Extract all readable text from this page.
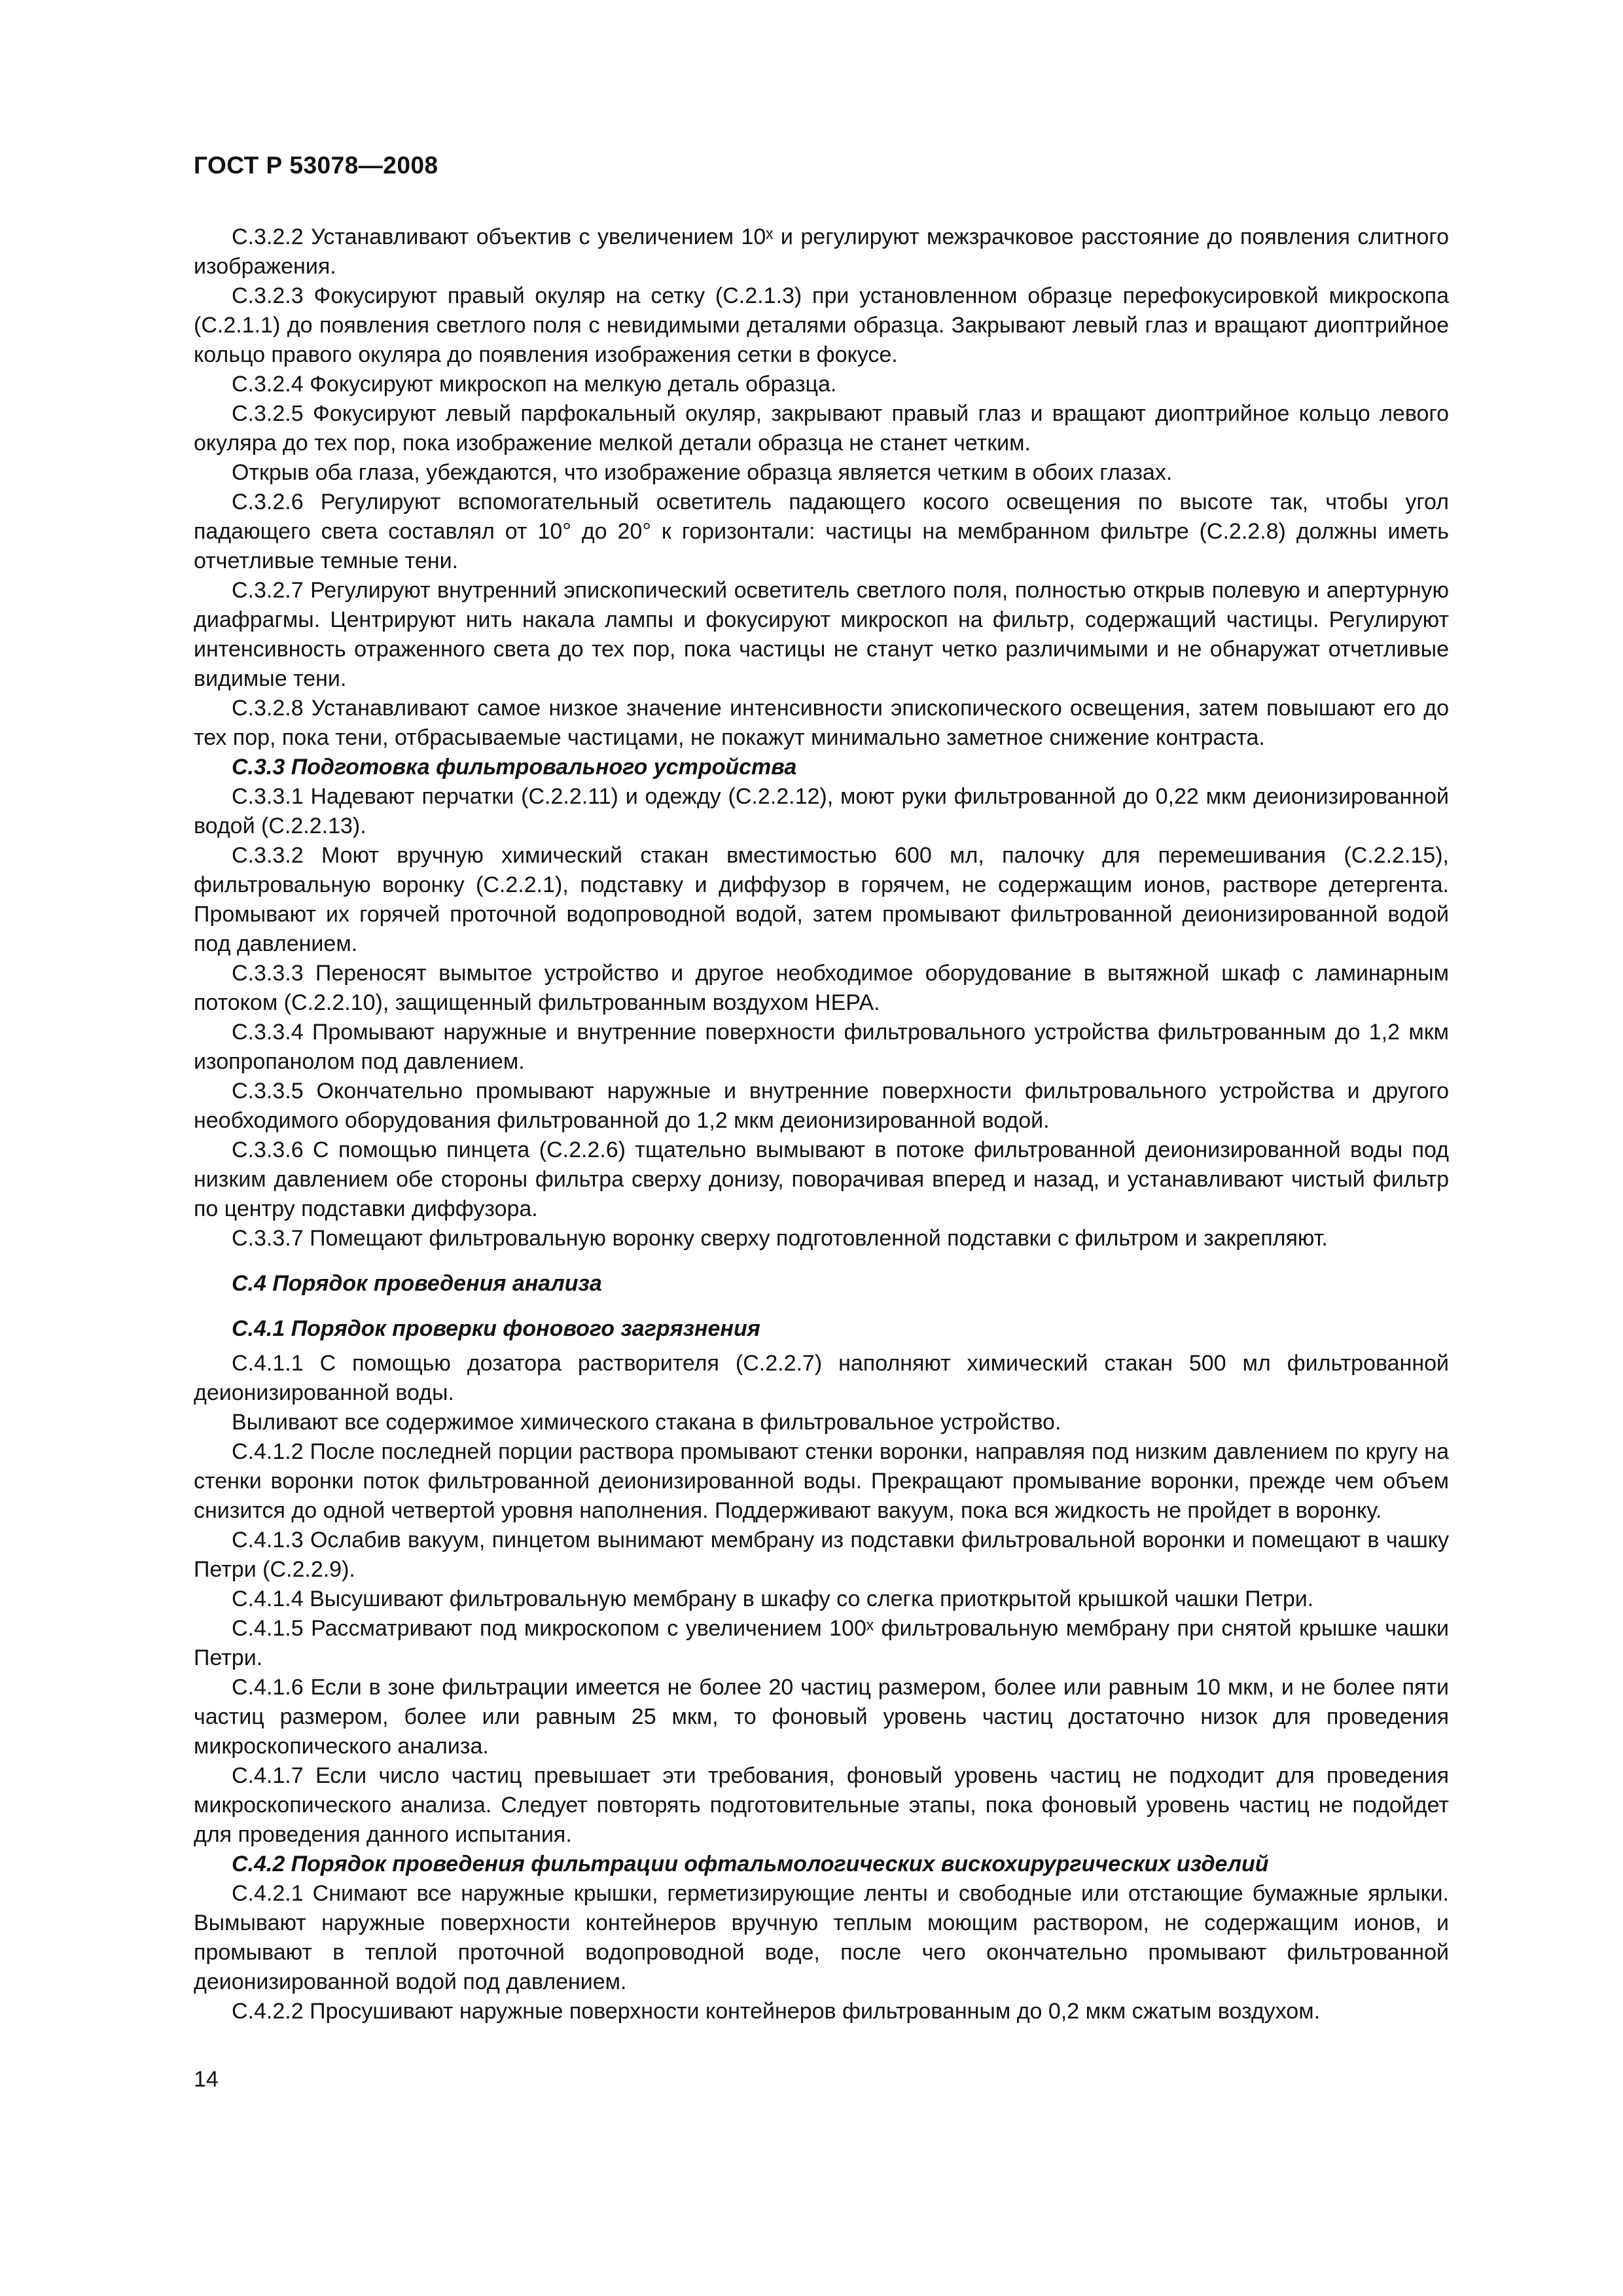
ГОСТ Р 53078—2008

С.3.2.2 Устанавливают объектив с увеличением 10ˣ и регулируют межзрачковое расстояние до появления слитного изображения.

С.3.2.3 Фокусируют правый окуляр на сетку (С.2.1.3) при установленном образце перефокусировкой микроскопа (С.2.1.1) до появления светлого поля с невидимыми деталями образца. Закрывают левый глаз и вращают диоптрийное кольцо правого окуляра до появления изображения сетки в фокусе.

С.3.2.4 Фокусируют микроскоп на мелкую деталь образца.

С.3.2.5 Фокусируют левый парфокальный окуляр, закрывают правый глаз и вращают диоптрийное кольцо левого окуляра до тех пор, пока изображение мелкой детали образца не станет четким.

Открыв оба глаза, убеждаются, что изображение образца является четким в обоих глазах.

С.3.2.6 Регулируют вспомогательный осветитель падающего косого освещения по высоте так, чтобы угол падающего света составлял от 10° до 20° к горизонтали: частицы на мембранном фильтре (С.2.2.8) должны иметь отчетливые темные тени.

С.3.2.7 Регулируют внутренний эпископический осветитель светлого поля, полностью открыв полевую и апертурную диафрагмы. Центрируют нить накала лампы и фокусируют микроскоп на фильтр, содержащий частицы. Регулируют интенсивность отраженного света до тех пор, пока частицы не станут четко различимыми и не обнаружат отчетливые видимые тени.

С.3.2.8 Устанавливают самое низкое значение интенсивности эпископического освещения, затем повышают его до тех пор, пока тени, отбрасываемые частицами, не покажут минимально заметное снижение контраста.

С.3.3 Подготовка фильтровального устройства

С.3.3.1 Надевают перчатки (С.2.2.11) и одежду (С.2.2.12), моют руки фильтрованной до 0,22 мкм деионизированной водой (С.2.2.13).

С.3.3.2 Моют вручную химический стакан вместимостью 600 мл, палочку для перемешивания (С.2.2.15), фильтровальную воронку (С.2.2.1), подставку и диффузор в горячем, не содержащим ионов, растворе детергента. Промывают их горячей проточной водопроводной водой, затем промывают фильтрованной деионизированной водой под давлением.

С.3.3.3 Переносят вымытое устройство и другое необходимое оборудование в вытяжной шкаф с ламинарным потоком (С.2.2.10), защищенный фильтрованным воздухом HEPA.

С.3.3.4 Промывают наружные и внутренние поверхности фильтровального устройства фильтрованным до 1,2 мкм изопропанолом под давлением.

С.3.3.5 Окончательно промывают наружные и внутренние поверхности фильтровального устройства и другого необходимого оборудования фильтрованной до 1,2 мкм деионизированной водой.

С.3.3.6 С помощью пинцета (С.2.2.6) тщательно вымывают в потоке фильтрованной деионизированной воды под низким давлением обе стороны фильтра сверху донизу, поворачивая вперед и назад, и устанавливают чистый фильтр по центру подставки диффузора.

С.3.3.7 Помещают фильтровальную воронку сверху подготовленной подставки с фильтром и закрепляют.

С.4 Порядок проведения анализа

С.4.1 Порядок проверки фонового загрязнения

С.4.1.1 С помощью дозатора растворителя (С.2.2.7) наполняют химический стакан 500 мл фильтрованной деионизированной воды.

Выливают все содержимое химического стакана в фильтровальное устройство.

С.4.1.2 После последней порции раствора промывают стенки воронки, направляя под низким давлением по кругу на стенки воронки поток фильтрованной деионизированной воды. Прекращают промывание воронки, прежде чем объем снизится до одной четвертой уровня наполнения. Поддерживают вакуум, пока вся жидкость не пройдет в воронку.

С.4.1.3 Ослабив вакуум, пинцетом вынимают мембрану из подставки фильтровальной воронки и помещают в чашку Петри (С.2.2.9).

С.4.1.4 Высушивают фильтровальную мембрану в шкафу со слегка приоткрытой крышкой чашки Петри.

С.4.1.5 Рассматривают под микроскопом с увеличением 100ˣ фильтровальную мембрану при снятой крышке чашки Петри.

С.4.1.6 Если в зоне фильтрации имеется не более 20 частиц размером, более или равным 10 мкм, и не более пяти частиц размером, более или равным 25 мкм, то фоновый уровень частиц достаточно низок для проведения микроскопического анализа.

С.4.1.7 Если число частиц превышает эти требования, фоновый уровень частиц не подходит для проведения микроскопического анализа. Следует повторять подготовительные этапы, пока фоновый уровень частиц не подойдет для проведения данного испытания.

С.4.2 Порядок проведения фильтрации офтальмологических вискохирургических изделий

С.4.2.1 Снимают все наружные крышки, герметизирующие ленты и свободные или отстающие бумажные ярлыки. Вымывают наружные поверхности контейнеров вручную теплым моющим раствором, не содержащим ионов, и промывают в теплой проточной водопроводной воде, после чего окончательно промывают фильтрованной деионизированной водой под давлением.

С.4.2.2 Просушивают наружные поверхности контейнеров фильтрованным до 0,2 мкм сжатым воздухом.

14
